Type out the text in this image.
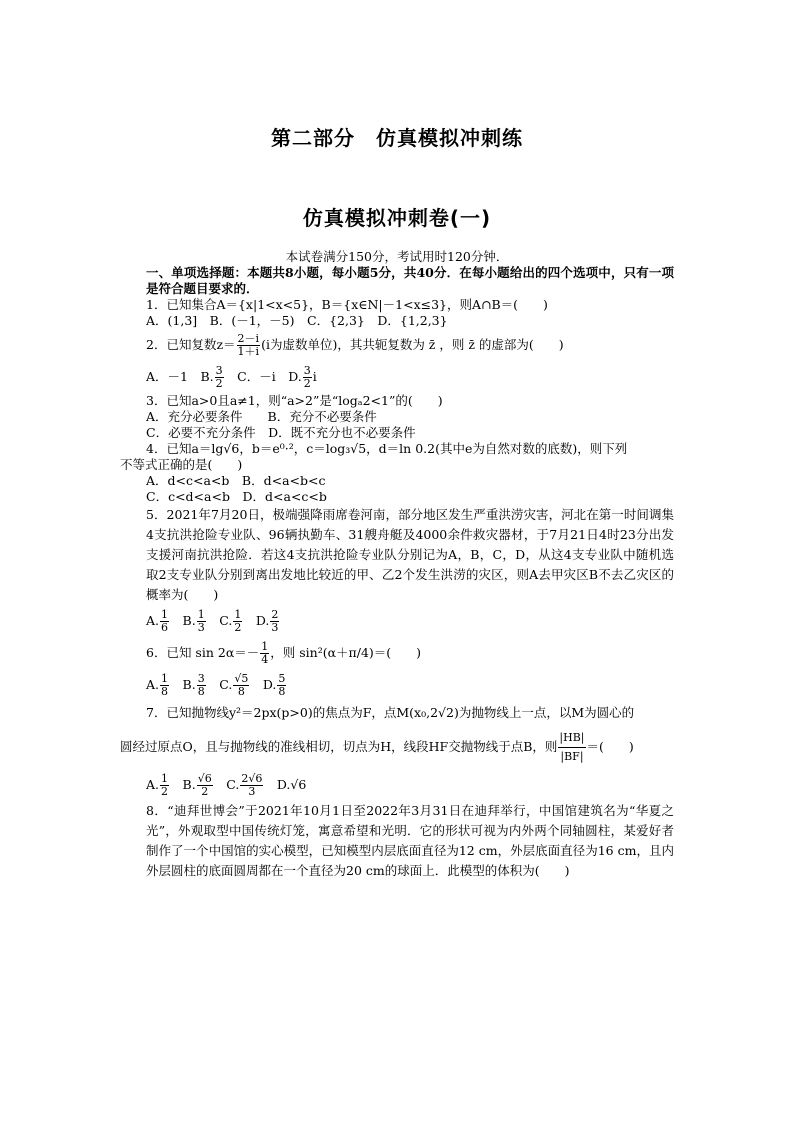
第二部分　仿真模拟冲刺练
仿真模拟冲刺卷(一)
本试卷满分150分，考试用时120分钟．
一、单项选择题：本题共8小题，每小题5分，共40分．在每小题给出的四个选项中，只有一项是符合题目要求的．
1．已知集合A＝{x|1<x<5}，B＝{x∈N|－1<x≤3}，则A∩B＝(　　)
A．(1,3]　B．(－1，－5)　C．{2,3}　D．{1,2,3}
2．已知复数$z= \frac{2-i}{1+i} (i$为虚数单位)，其共轭复数为 z̄ ，则 z̄ 的虚部为(　　)
A．－1　B. $\frac{3}{2}$ 　C．－i　D. $\frac{3}{2}$ i
3．已知a>0且a≠1，则“a>2”是“logₐ2<1”的(　　)
A．充分必要条件　　B．充分不必要条件
C．必要不充分条件　D．既不充分也不必要条件
4．已知a＝lg√6，b＝e⁰·²，c＝log₃√5，d＝ln 0.2(其中e为自然对数的底数)，则下列
不等式正确的是(　　)
A．d<c<a<b　B．d<a<b<c
C．c<d<a<b　D．d<a<c<b
5．2021年7月20日，极端强降雨席卷河南，部分地区发生严重洪涝灾害，河北在第一时间调集4支抗洪抢险专业队、96辆执勤车、31艘舟艇及4000余件救灾器材，于7月21日4时23分出发支援河南抗洪抢险．若这4支抗洪抢险专业队分别记为A，B，C，D，从这4支专业队中随机选取2支专业队分别到离出发地比较近的甲、乙2个发生洪涝的灾区，则A去甲灾区B不去乙灾区的概率为(　　)
A. $\frac{1}{6}$
　 B. $\frac{1}{3}$
　 C. $\frac{1}{2}$
　 D. $\frac{2}{3}$
6．已知 $\sin 2\alpha=- \frac{1}{4}$ ，则 sin²(α＋π/4)＝(　　)
A. $\frac{1}{8}$
　 B. $\frac{3}{8}$
　 C. $\frac{√5}{8}$
　 D. $\frac{5}{8}$
7．已知抛物线y²＝2px(p>0)的焦点为F，点M(x₀,2√2)为抛物线上一点，以M为圆心的
圆经过原点O，且与抛物线的准线相切，切点为H，线段HF交抛物线于点B，则 $\frac{|HB|}{|BF|}$ ＝(　　)
A. $\frac{1}{2}$
　 B. $\frac{√6}{2}$
　 C. $\frac{2√6}{3}$
　 D.√6
8．“迪拜世博会”于2021年10月1日至2022年3月31日在迪拜举行，中国馆建筑名为“华夏之光”，外观取型中国传统灯笼，寓意希望和光明．它的形状可视为内外两个同轴圆柱，某爱好者制作了一个中国馆的实心模型，已知模型内层底面直径为12 cm，外层底面直径为16 cm，且内外层圆柱的底面圆周都在一个直径为20 cm的球面上．此模型的体积为(　　)
